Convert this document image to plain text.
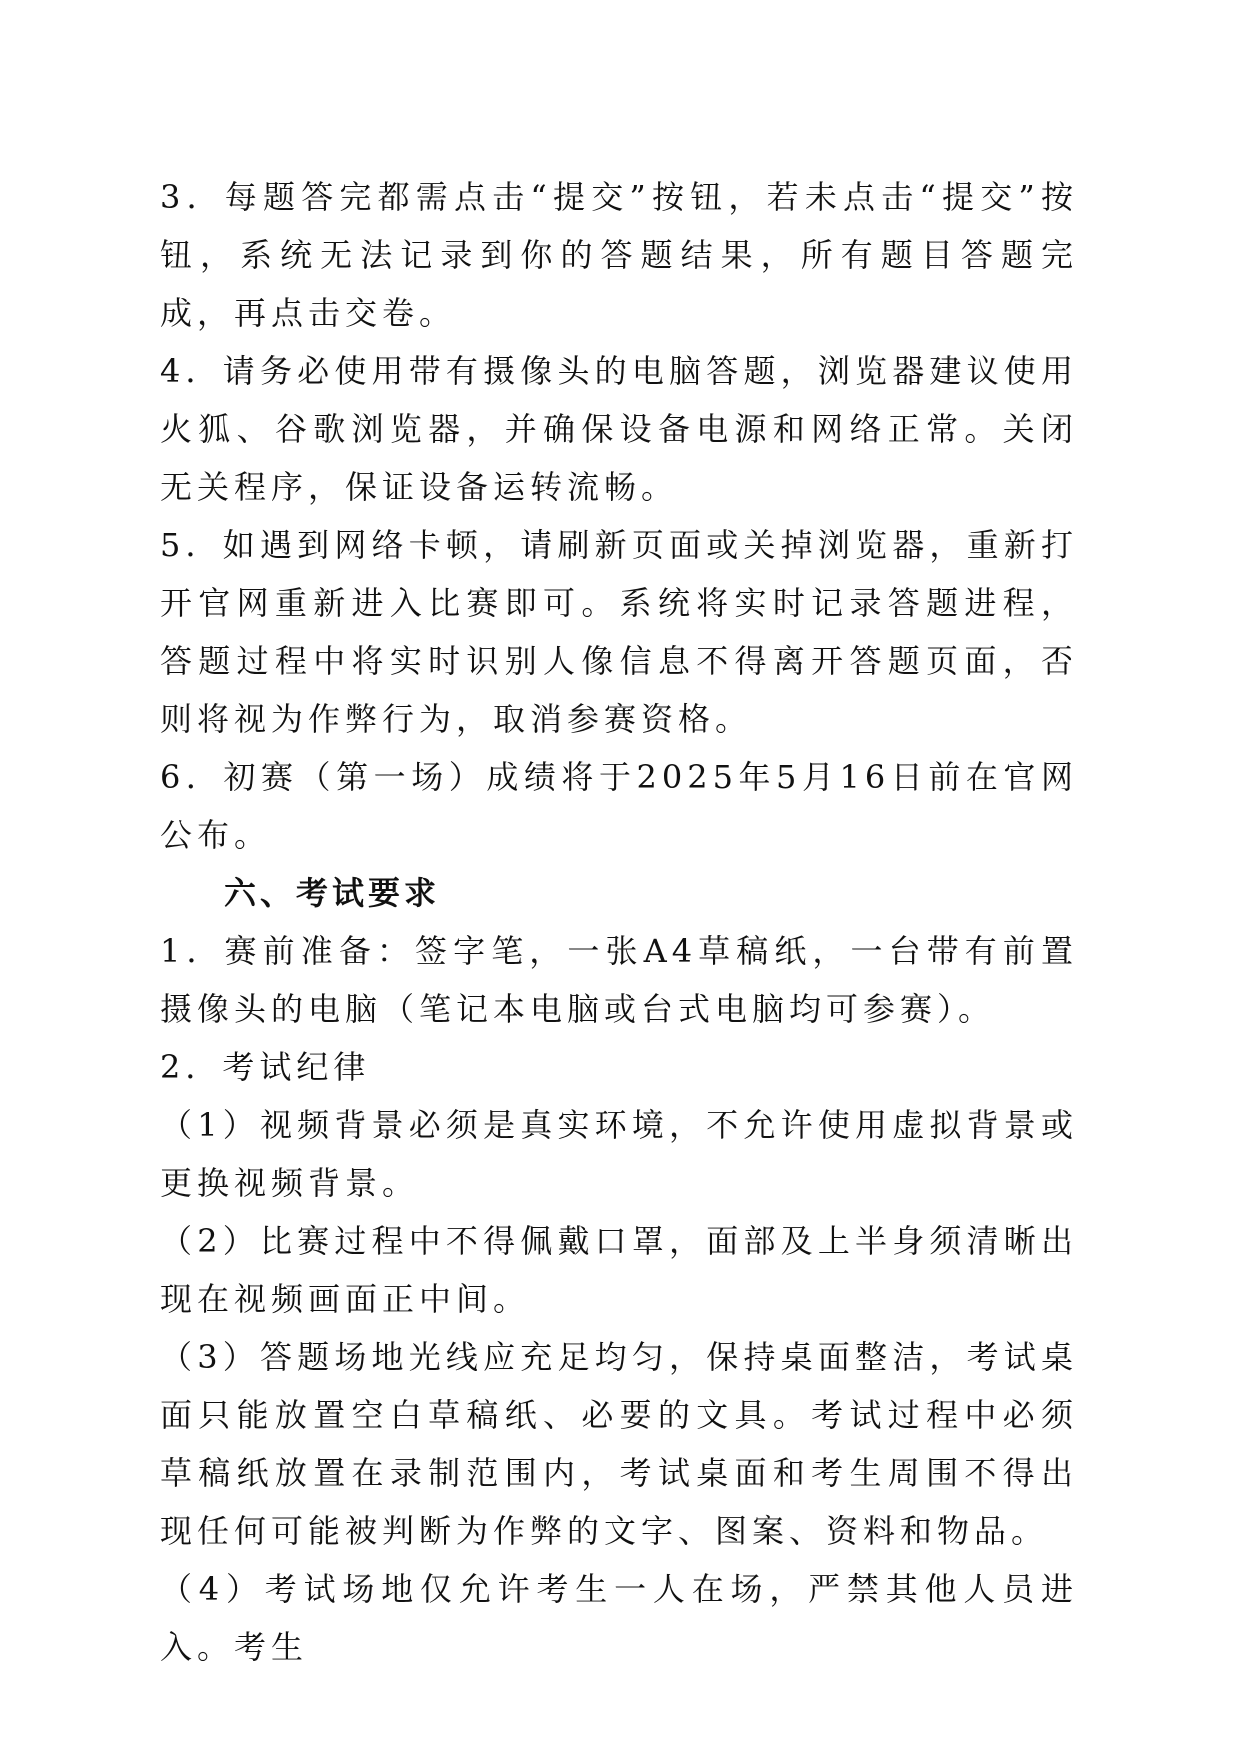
3．每题答完都需点击“提交”按钮，若未点击“提交”按钮，系统无法记录到你的答题结果，所有题目答题完成，再点击交卷。

4．请务必使用带有摄像头的电脑答题，浏览器建议使用火狐、谷歌浏览器，并确保设备电源和网络正常。关闭无关程序，保证设备运转流畅。

5．如遇到网络卡顿，请刷新页面或关掉浏览器，重新打开官网重新进入比赛即可。系统将实时记录答题进程，答题过程中将实时识别人像信息不得离开答题页面，否则将视为作弊行为，取消参赛资格。

6．初赛（第一场）成绩将于2025年5月16日前在官网公布。

六、考试要求

1．赛前准备：签字笔，一张A4草稿纸，一台带有前置摄像头的电脑（笔记本电脑或台式电脑均可参赛）。

2．考试纪律

（1）视频背景必须是真实环境，不允许使用虚拟背景或更换视频背景。

（2）比赛过程中不得佩戴口罩，面部及上半身须清晰出现在视频画面正中间。

（3）答题场地光线应充足均匀，保持桌面整洁，考试桌面只能放置空白草稿纸、必要的文具。考试过程中必须草稿纸放置在录制范围内，考试桌面和考生周围不得出现任何可能被判断为作弊的文字、图案、资料和物品。

（4）考试场地仅允许考生一人在场，严禁其他人员进入。考生
